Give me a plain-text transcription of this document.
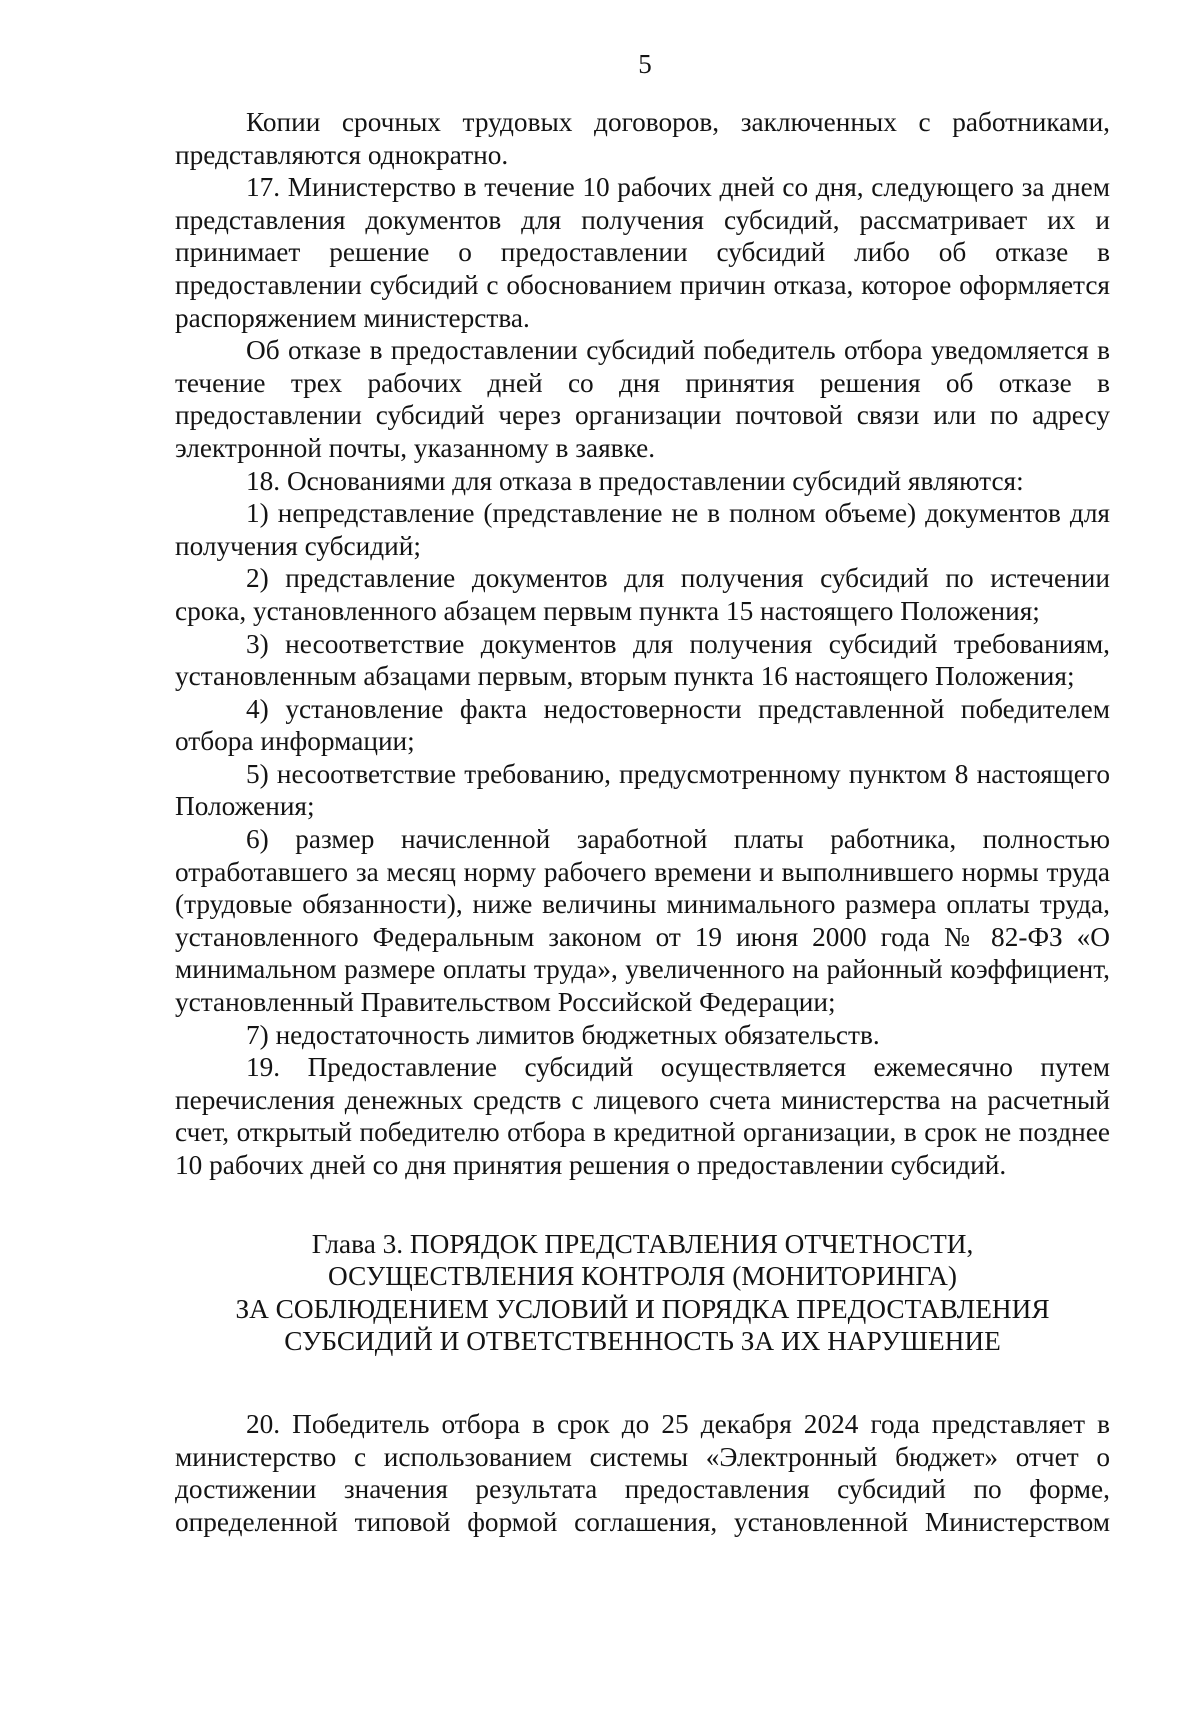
5

Копии срочных трудовых договоров, заключенных с работниками, представляются однократно.

17. Министерство в течение 10 рабочих дней со дня, следующего за днем представления документов для получения субсидий, рассматривает их и принимает решение о предоставлении субсидий либо об отказе в предоставлении субсидий с обоснованием причин отказа, которое оформляется распоряжением министерства.

Об отказе в предоставлении субсидий победитель отбора уведомляется в течение трех рабочих дней со дня принятия решения об отказе в предоставлении субсидий через организации почтовой связи или по адресу электронной почты, указанному в заявке.

18. Основаниями для отказа в предоставлении субсидий являются:

1) непредставление (представление не в полном объеме) документов для получения субсидий;

2) представление документов для получения субсидий по истечении срока, установленного абзацем первым пункта 15 настоящего Положения;

3) несоответствие документов для получения субсидий требованиям, установленным абзацами первым, вторым пункта 16 настоящего Положения;

4) установление факта недостоверности представленной победителем отбора информации;

5) несоответствие требованию, предусмотренному пунктом 8 настоящего Положения;

6) размер начисленной заработной платы работника, полностью отработавшего за месяц норму рабочего времени и выполнившего нормы труда (трудовые обязанности), ниже величины минимального размера оплаты труда, установленного Федеральным законом от 19 июня 2000 года № 82-ФЗ «О минимальном размере оплаты труда», увеличенного на районный коэффициент, установленный Правительством Российской Федерации;

7) недостаточность лимитов бюджетных обязательств.

19. Предоставление субсидий осуществляется ежемесячно путем перечисления денежных средств с лицевого счета министерства на расчетный счет, открытый победителю отбора в кредитной организации, в срок не позднее 10 рабочих дней со дня принятия решения о предоставлении субсидий.

Глава 3. ПОРЯДОК ПРЕДСТАВЛЕНИЯ ОТЧЕТНОСТИ,
ОСУЩЕСТВЛЕНИЯ КОНТРОЛЯ (МОНИТОРИНГА)
ЗА СОБЛЮДЕНИЕМ УСЛОВИЙ И ПОРЯДКА ПРЕДОСТАВЛЕНИЯ
СУБСИДИЙ И ОТВЕТСТВЕННОСТЬ ЗА ИХ НАРУШЕНИЕ

20. Победитель отбора в срок до 25 декабря 2024 года представляет в министерство с использованием системы «Электронный бюджет» отчет о достижении значения результата предоставления субсидий по форме, определенной типовой формой соглашения, установленной Министерством
